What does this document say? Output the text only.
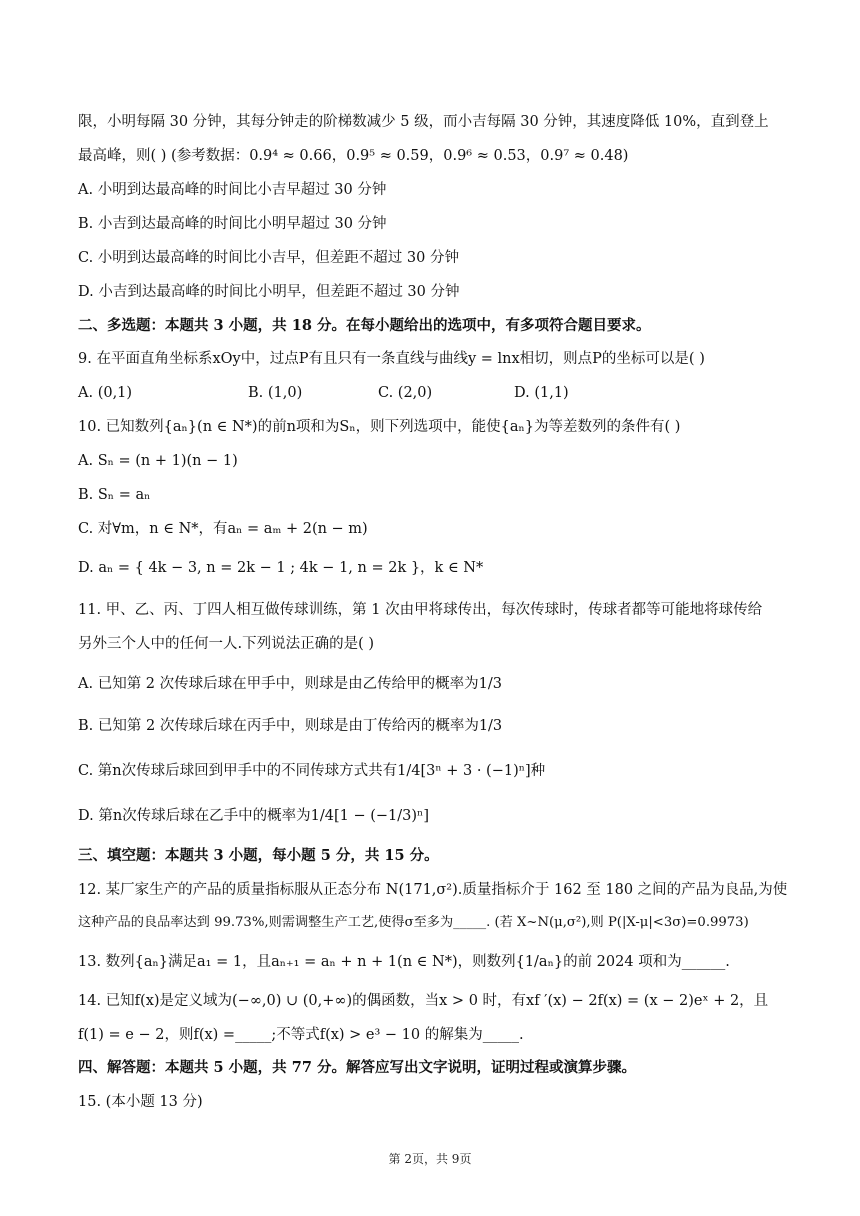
限，小明每隔 30 分钟，其每分钟走的阶梯数减少 5 级，而小吉每隔 30 分钟，其速度降低 10%，直到登上
最高峰，则( ) (参考数据：0.9⁴ ≈ 0.66，0.9⁵ ≈ 0.59，0.9⁶ ≈ 0.53，0.9⁷ ≈ 0.48)
A. 小明到达最高峰的时间比小吉早超过 30 分钟
B. 小吉到达最高峰的时间比小明早超过 30 分钟
C. 小明到达最高峰的时间比小吉早，但差距不超过 30 分钟
D. 小吉到达最高峰的时间比小明早，但差距不超过 30 分钟
二、多选题：本题共 3 小题，共 18 分。在每小题给出的选项中，有多项符合题目要求。
9. 在平面直角坐标系xOy中，过点P有且只有一条直线与曲线y = lnx相切，则点P的坐标可以是( )
A. (0,1)	B. (1,0)	C. (2,0)	D. (1,1)
10. 已知数列{aₙ}(n ∈ N*)的前n项和为Sₙ，则下列选项中，能使{aₙ}为等差数列的条件有( )
A. Sₙ = (n + 1)(n − 1)
B. Sₙ = aₙ
C. 对∀m，n ∈ N*，有aₙ = aₘ + 2(n − m)
D. aₙ = { 4k − 3, n = 2k − 1 ; 4k − 1, n = 2k }，k ∈ N*
11. 甲、乙、丙、丁四人相互做传球训练，第 1 次由甲将球传出，每次传球时，传球者都等可能地将球传给
另外三个人中的任何一人.下列说法正确的是( )
A. 已知第 2 次传球后球在甲手中，则球是由乙传给甲的概率为1/3
B. 已知第 2 次传球后球在丙手中，则球是由丁传给丙的概率为1/3
C. 第n次传球后球回到甲手中的不同传球方式共有1/4[3ⁿ + 3 · (−1)ⁿ]种
D. 第n次传球后球在乙手中的概率为1/4[1 − (−1/3)ⁿ]
三、填空题：本题共 3 小题，每小题 5 分，共 15 分。
12. 某厂家生产的产品的质量指标服从正态分布 N(171,σ²).质量指标介于 162 至 180 之间的产品为良品,为使
这种产品的良品率达到 99.73%,则需调整生产工艺,使得σ至多为_____. (若 X~N(μ,σ²),则 P(|X-μ|<3σ)=0.9973)
13. 数列{aₙ}满足a₁ = 1，且aₙ₊₁ = aₙ + n + 1(n ∈ N*)，则数列{1/aₙ}的前 2024 项和为______.
14. 已知f(x)是定义域为(−∞,0) ∪ (0,+∞)的偶函数，当x > 0 时，有xf ′(x) − 2f(x) = (x − 2)eˣ + 2，且
f(1) = e − 2，则f(x) =_____;不等式f(x) > e³ − 10 的解集为_____.
四、解答题：本题共 5 小题，共 77 分。解答应写出文字说明，证明过程或演算步骤。
15. (本小题 13 分)
第 2页，共 9页
